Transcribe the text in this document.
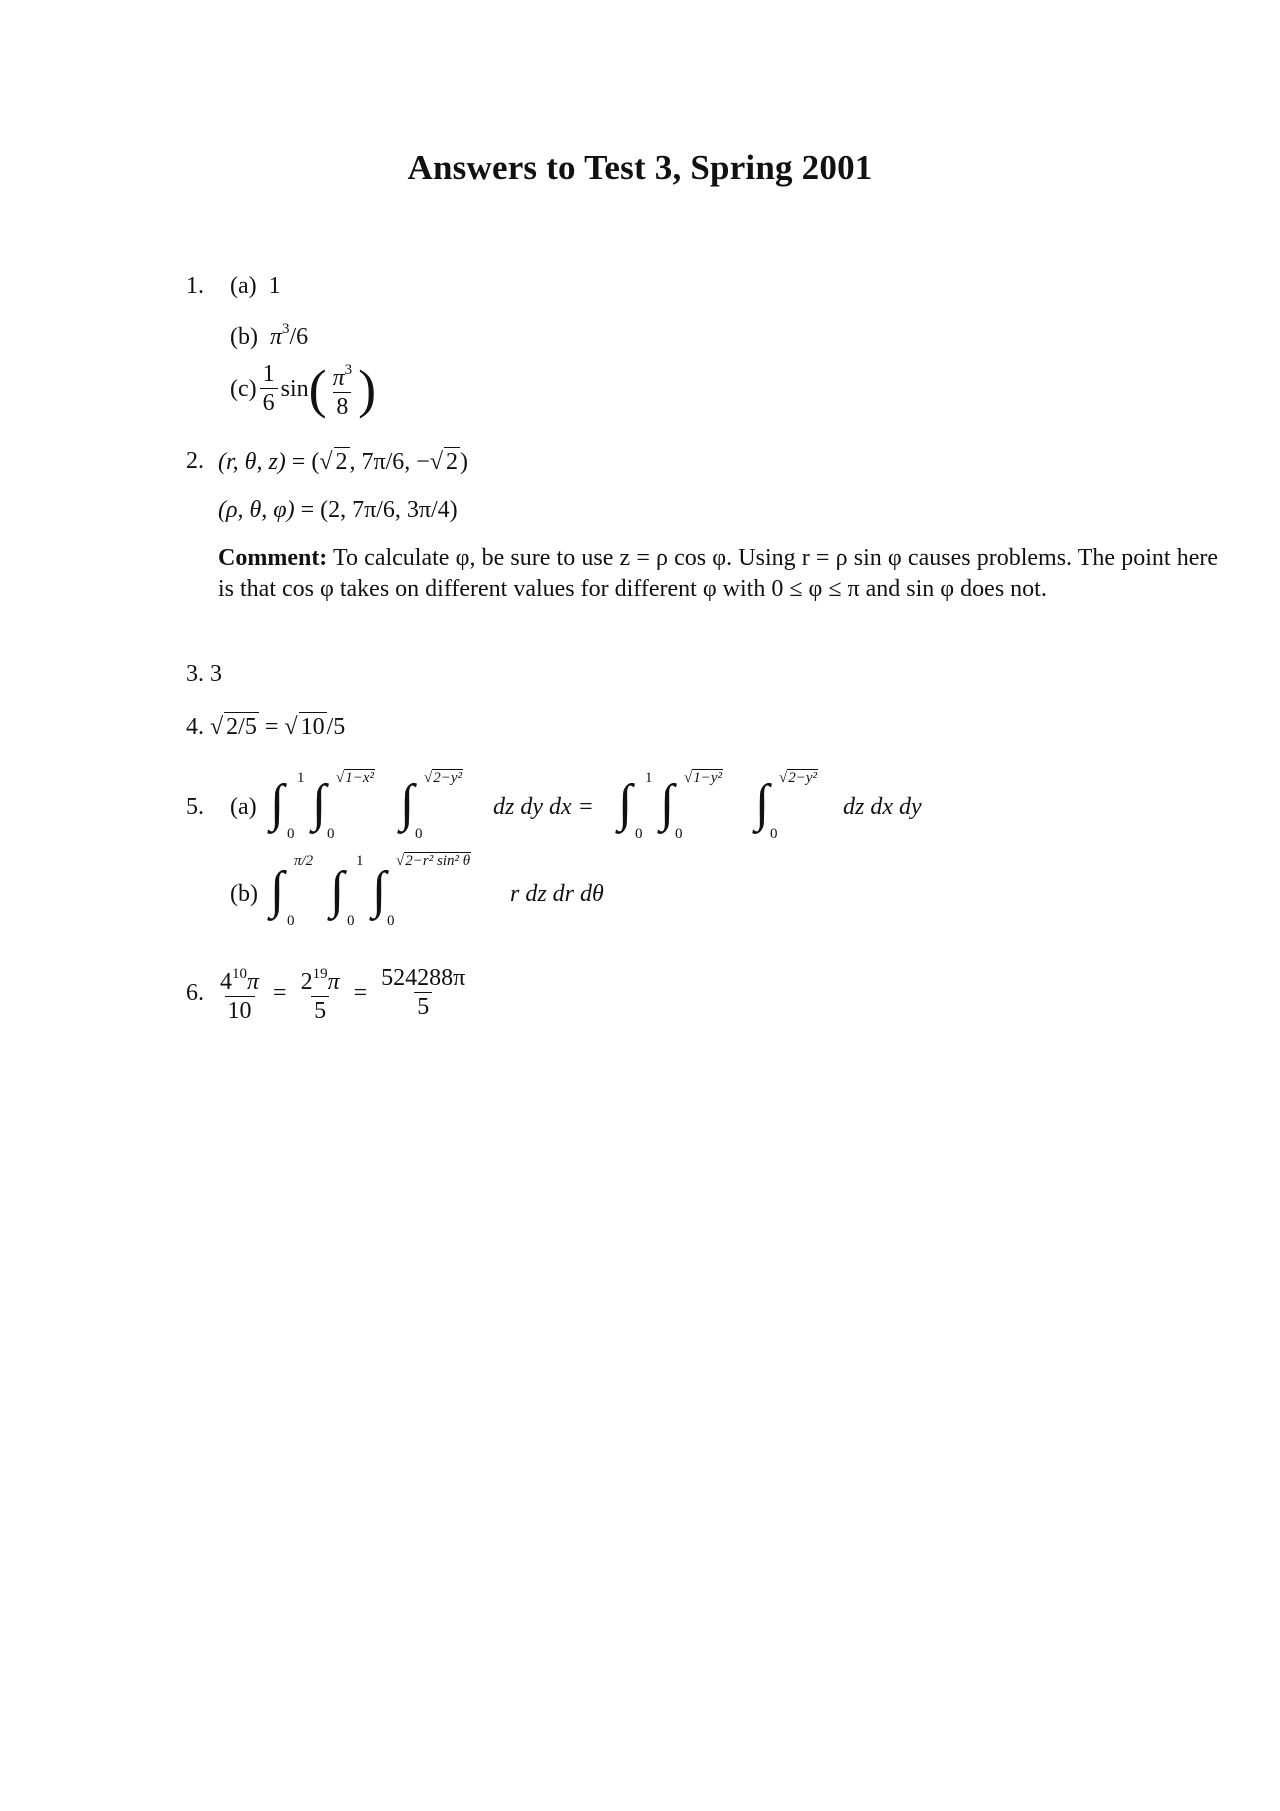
Answers to Test 3, Spring 2001
1. (a) 1
(b) $\pi^3/6$
$(c) \frac{1}{6}$ sin ( $\frac{\pi^3}{8}$ )
2. (r, θ, z) = (√ 2, 7π/6, −√ 2)
(ρ, θ, φ) = (2, 7π/6, 3π/4)
Comment: To calculate φ, be sure to use z = ρ cos φ. Using r = ρ sin φ causes problems. The point here is that cos φ takes on different values for different φ with 0 ≤ φ ≤ π and sin φ does not.
3. 3
4. √ 2/5 = √ 10/5
5. (a) ∫ 1
0
∫ √1−x²
0
∫ √2−y²
0
dz dy dx = ∫ 1
0
∫ √1−y²
0
∫ √2−y²
0
dz dx dy
(b) ∫
π/2
0
∫
1
0
∫
√2−r² sin² θ
0
r dz dr dθ
6. $\frac{4^{10}\pi}{10} = \frac{2^{19}\pi}{5} = \frac{524288\pi}{5}$
